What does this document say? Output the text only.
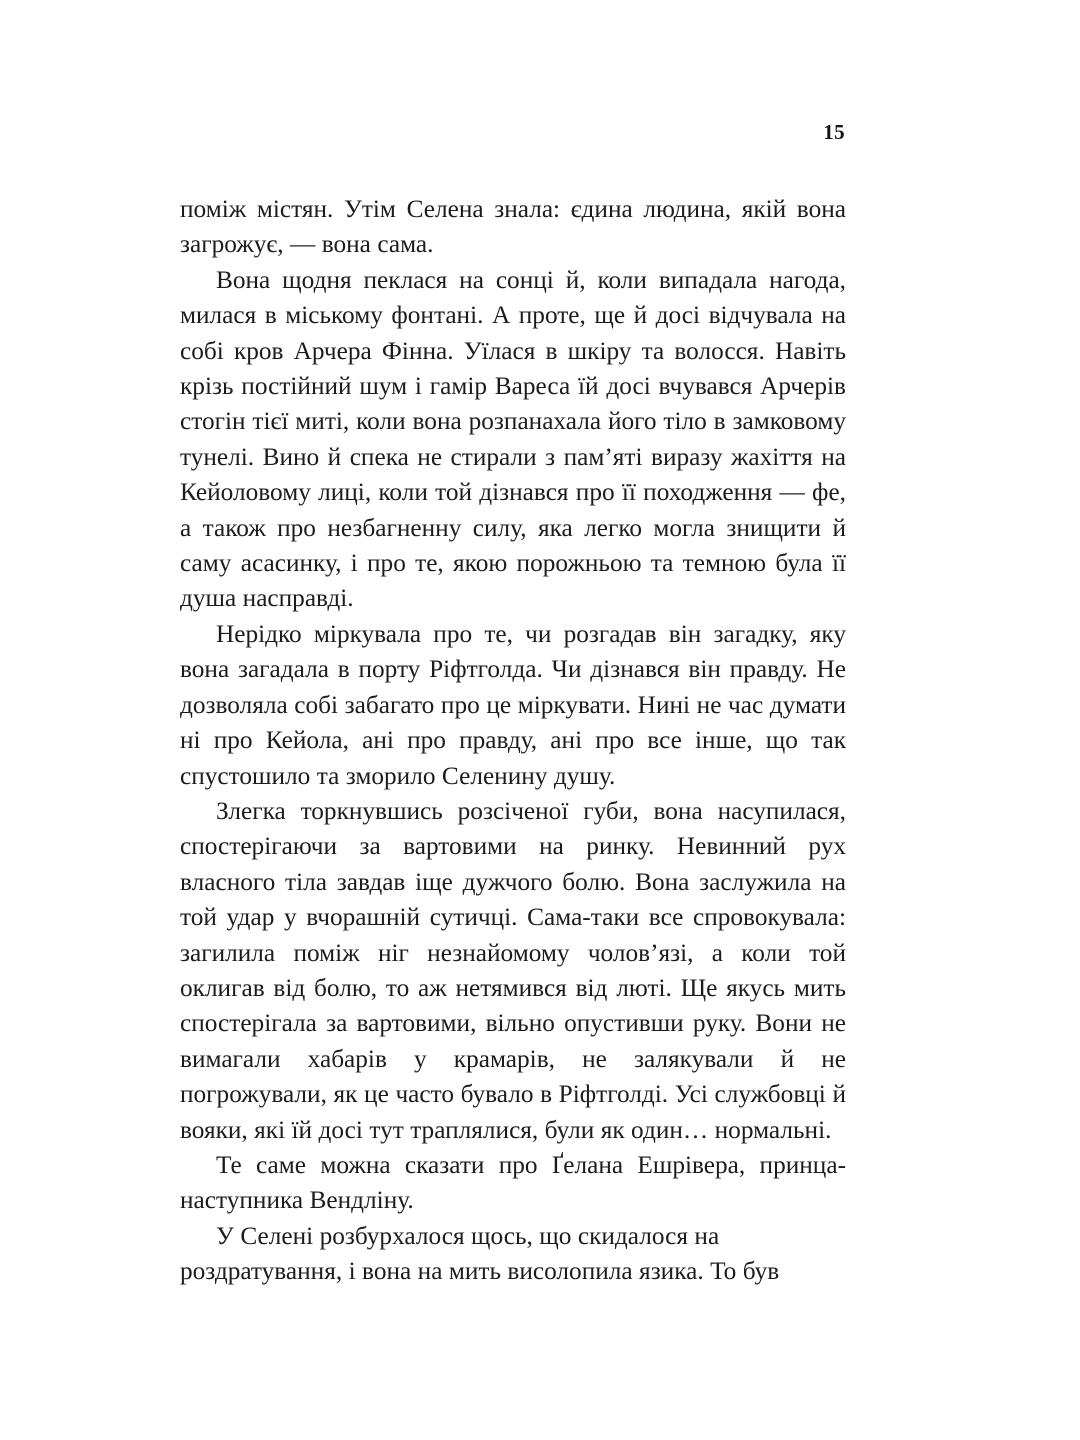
15

поміж містян. Утім Селена знала: єдина людина, якій вона загрожує, — вона сама.

Вона щодня пеклася на сонці й, коли випадала нагода, милася в міському фонтані. А проте, ще й досі відчувала на собі кров Арчера Фінна. Уїлася в шкіру та волосся. Навіть крізь постійний шум і гамір Вареса їй досі вчувався Арчерів стогін тієї миті, коли вона розпанахала його тіло в замковому тунелі. Вино й спека не стирали з пам’яті виразу жахіття на Кейоловому лиці, коли той дізнався про її походження — фе, а також про незбагненну силу, яка легко могла знищити й саму асасинку, і про те, якою порожньою та темною була її душа насправді.

Нерідко міркувала про те, чи розгадав він загадку, яку вона загадала в порту Ріфтголда. Чи дізнався він правду. Не дозволяла собі забагато про це міркувати. Нині не час думати ні про Кейола, ані про правду, ані про все інше, що так спустошило та зморило Селенину душу.

Злегка торкнувшись розсіченої губи, вона насупилася, спостерігаючи за вартовими на ринку. Невинний рух власного тіла завдав іще дужчого болю. Вона заслужила на той удар у вчорашній сутичці. Сама-таки все спровокувала: загилила поміж ніг незнайомому чолов’язі, а коли той оклигав від болю, то аж нетямився від люті. Ще якусь мить спостерігала за вартовими, вільно опустивши руку. Вони не вимагали хабарів у крамарів, не залякували й не погрожували, як це часто бувало в Ріфтголді. Усі службовці й вояки, які їй досі тут траплялися, були як один… нормальні.

Те саме можна сказати про Ґелана Ешрівера, принца-наступника Вендліну.

У Селені розбурхалося щось, що скидалося на роздратування, і вона на мить висолопила язика. То був
